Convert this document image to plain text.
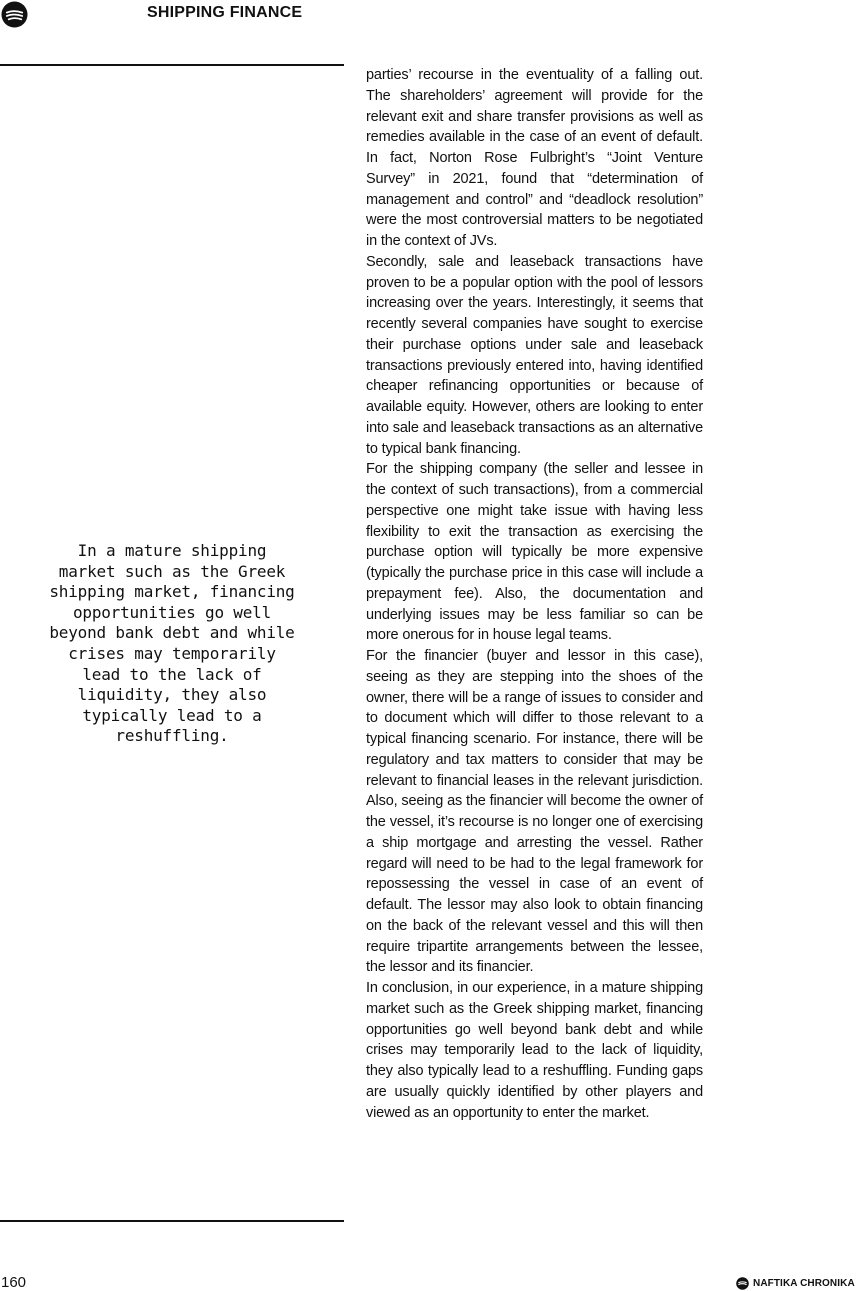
SHIPPING FINANCE
In a mature shipping market such as the Greek shipping market, financing opportunities go well beyond bank debt and while crises may temporarily lead to the lack of liquidity, they also typically lead to a reshuffling.

parties’ recourse in the eventuality of a falling out. The shareholders’ agreement will provide for the relevant exit and share transfer provisions as well as remedies available in the case of an event of default. In fact, Norton Rose Fulbright’s “Joint Venture Survey” in 2021, found that “determination of management and control” and “deadlock resolution” were the most controversial matters to be negotiated in the context of JVs.

Secondly, sale and leaseback transactions have proven to be a popular option with the pool of lessors increasing over the years. Interestingly, it seems that recently several companies have sought to exercise their purchase options under sale and leaseback transactions previously entered into, having identified cheaper refinancing opportunities or because of available equity. However, others are looking to enter into sale and leaseback transactions as an alternative to typical bank financing.

For the shipping company (the seller and lessee in the context of such transactions), from a commercial perspective one might take issue with having less flexibility to exit the transaction as exercising the purchase option will typically be more expensive (typically the purchase price in this case will include a prepayment fee). Also, the documentation and underlying issues may be less familiar so can be more onerous for in house legal teams.

For the financier (buyer and lessor in this case), seeing as they are stepping into the shoes of the owner, there will be a range of issues to consider and to document which will differ to those relevant to a typical financing scenario. For instance, there will be regulatory and tax matters to consider that may be relevant to financial leases in the relevant jurisdiction. Also, seeing as the financier will become the owner of the vessel, it’s recourse is no longer one of exercising a ship mortgage and arresting the vessel. Rather regard will need to be had to the legal framework for repossessing the vessel in case of an event of default. The lessor may also look to obtain financing on the back of the relevant vessel and this will then require tripartite arrangements between the lessee, the lessor and its financier.

In conclusion, in our experience, in a mature shipping market such as the Greek shipping market, financing opportunities go well beyond bank debt and while crises may temporarily lead to the lack of liquidity, they also typically lead to a reshuffling. Funding gaps are usually quickly identified by other players and viewed as an opportunity to enter the market.

160	NAFTIKA CHRONIKA
